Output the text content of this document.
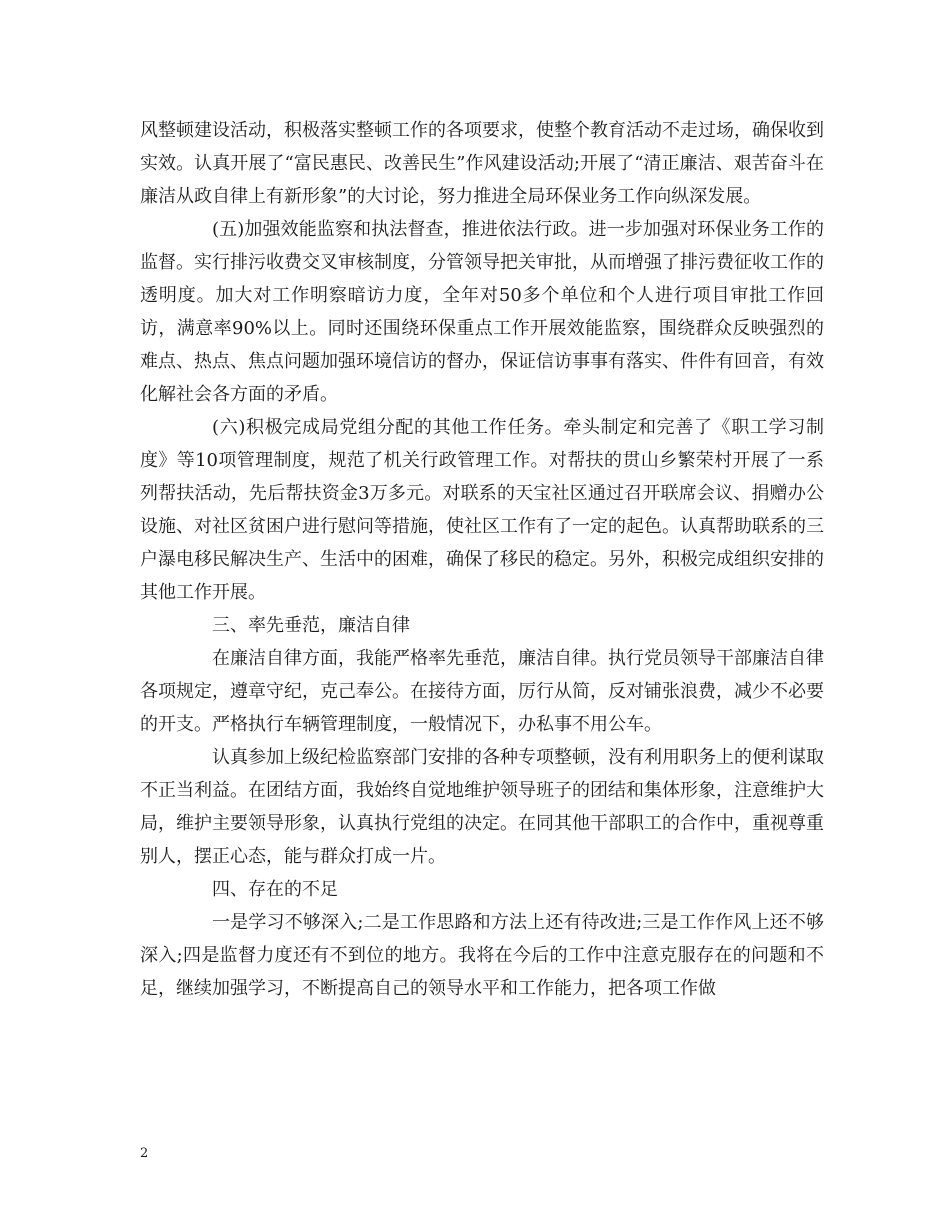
风整顿建设活动，积极落实整顿工作的各项要求，使整个教育活动不走过场，确保收到实效。认真开展了“富民惠民、改善民生”作风建设活动;开展了“清正廉洁、艰苦奋斗在廉洁从政自律上有新形象”的大讨论，努力推进全局环保业务工作向纵深发展。

(五)加强效能监察和执法督查，推进依法行政。进一步加强对环保业务工作的监督。实行排污收费交叉审核制度，分管领导把关审批，从而增强了排污费征收工作的透明度。加大对工作明察暗访力度，全年对50多个单位和个人进行项目审批工作回访，满意率90%以上。同时还围绕环保重点工作开展效能监察，围绕群众反映强烈的难点、热点、焦点问题加强环境信访的督办，保证信访事事有落实、件件有回音，有效化解社会各方面的矛盾。

(六)积极完成局党组分配的其他工作任务。牵头制定和完善了《职工学习制度》等10项管理制度，规范了机关行政管理工作。对帮扶的贯山乡繁荣村开展了一系列帮扶活动，先后帮扶资金3万多元。对联系的天宝社区通过召开联席会议、捐赠办公设施、对社区贫困户进行慰问等措施，使社区工作有了一定的起色。认真帮助联系的三户瀑电移民解决生产、生活中的困难，确保了移民的稳定。另外，积极完成组织安排的其他工作开展。

三、率先垂范，廉洁自律

在廉洁自律方面，我能严格率先垂范，廉洁自律。执行党员领导干部廉洁自律各项规定，遵章守纪，克己奉公。在接待方面，厉行从简，反对铺张浪费，减少不必要的开支。严格执行车辆管理制度，一般情况下，办私事不用公车。

认真参加上级纪检监察部门安排的各种专项整顿，没有利用职务上的便利谋取不正当利益。在团结方面，我始终自觉地维护领导班子的团结和集体形象，注意维护大局，维护主要领导形象，认真执行党组的决定。在同其他干部职工的合作中，重视尊重别人，摆正心态，能与群众打成一片。

四、存在的不足

一是学习不够深入;二是工作思路和方法上还有待改进;三是工作作风上还不够深入;四是监督力度还有不到位的地方。我将在今后的工作中注意克服存在的问题和不足，继续加强学习，不断提高自己的领导水平和工作能力，把各项工作做

2
